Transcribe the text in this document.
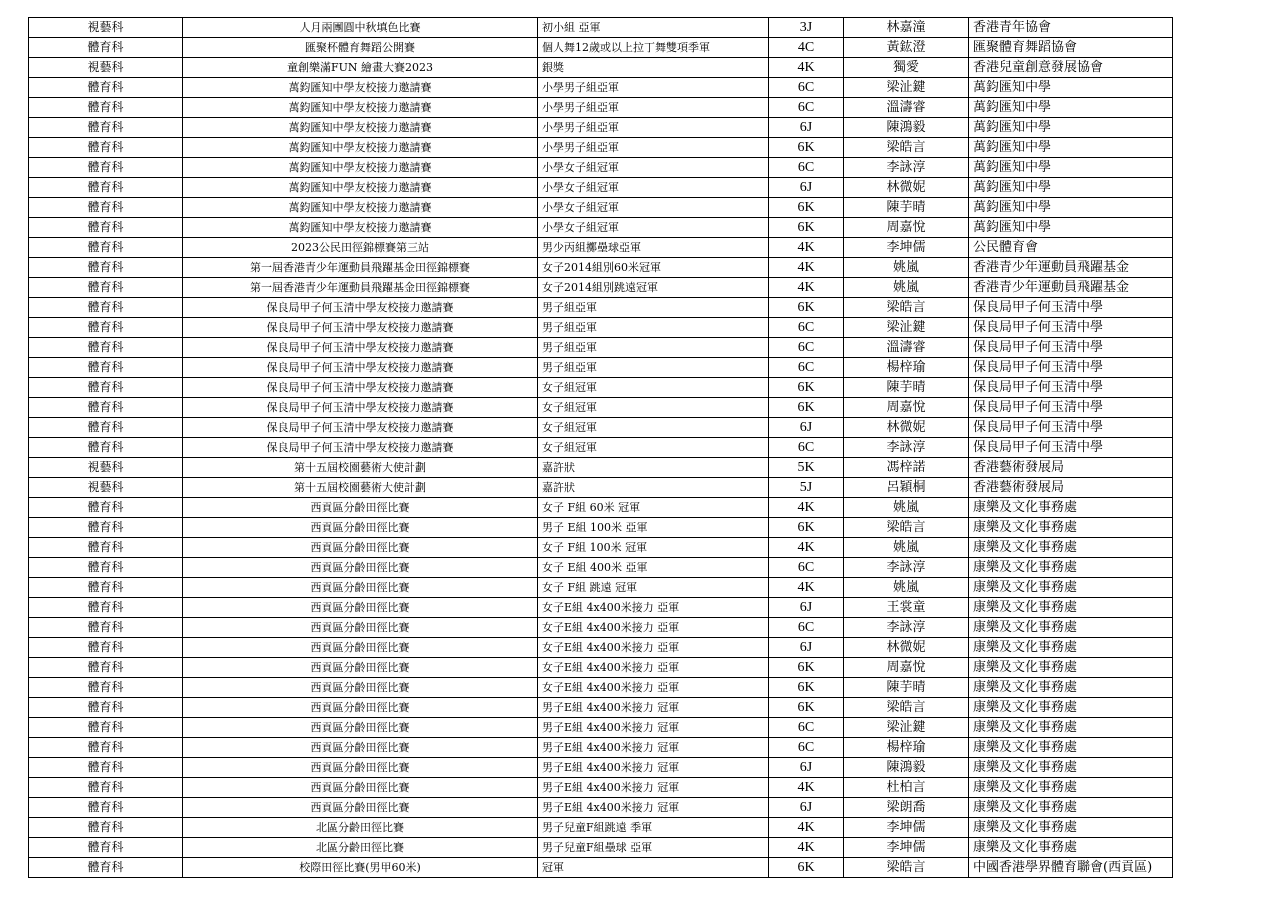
視藝科	人月兩團圓中秋填色比賽	初小組 亞軍	3J	林嘉潼	香港青年協會
體育科	匯聚杯體育舞蹈公開賽	個人舞12歲或以上拉丁舞雙項季軍	4C	黃鈜澄	匯聚體育舞蹈協會
視藝科	童創樂滿FUN 繪畫大賽2023	銀獎	4K	獨愛	香港兒童創意發展協會
體育科	萬鈞匯知中學友校接力邀請賽	小學男子組亞軍	6C	梁沚鍵	萬鈞匯知中學
體育科	萬鈞匯知中學友校接力邀請賽	小學男子組亞軍	6C	溫濤睿	萬鈞匯知中學
體育科	萬鈞匯知中學友校接力邀請賽	小學男子組亞軍	6J	陳鴻毅	萬鈞匯知中學
體育科	萬鈞匯知中學友校接力邀請賽	小學男子組亞軍	6K	梁皓言	萬鈞匯知中學
體育科	萬鈞匯知中學友校接力邀請賽	小學女子組冠軍	6C	李詠淳	萬鈞匯知中學
體育科	萬鈞匯知中學友校接力邀請賽	小學女子組冠軍	6J	林微妮	萬鈞匯知中學
體育科	萬鈞匯知中學友校接力邀請賽	小學女子組冠軍	6K	陳芋晴	萬鈞匯知中學
體育科	萬鈞匯知中學友校接力邀請賽	小學女子組冠軍	6K	周嘉悅	萬鈞匯知中學
體育科	2023公民田徑錦標賽第三站	男少丙組擲壘球亞軍	4K	李坤儒	公民體育會
體育科	第一屆香港青少年運動員飛躍基金田徑錦標賽	女子2014組別60米冠軍	4K	姚嵐	香港青少年運動員飛躍基金
體育科	第一屆香港青少年運動員飛躍基金田徑錦標賽	女子2014組別跳遠冠軍	4K	姚嵐	香港青少年運動員飛躍基金
體育科	保良局甲子何玉清中學友校接力邀請賽	男子組亞軍	6K	梁皓言	保良局甲子何玉清中學
體育科	保良局甲子何玉清中學友校接力邀請賽	男子組亞軍	6C	梁沚鍵	保良局甲子何玉清中學
體育科	保良局甲子何玉清中學友校接力邀請賽	男子組亞軍	6C	溫濤睿	保良局甲子何玉清中學
體育科	保良局甲子何玉清中學友校接力邀請賽	男子組亞軍	6C	楊梓瑜	保良局甲子何玉清中學
體育科	保良局甲子何玉清中學友校接力邀請賽	女子組冠軍	6K	陳芋晴	保良局甲子何玉清中學
體育科	保良局甲子何玉清中學友校接力邀請賽	女子組冠軍	6K	周嘉悅	保良局甲子何玉清中學
體育科	保良局甲子何玉清中學友校接力邀請賽	女子組冠軍	6J	林微妮	保良局甲子何玉清中學
體育科	保良局甲子何玉清中學友校接力邀請賽	女子組冠軍	6C	李詠淳	保良局甲子何玉清中學
視藝科	第十五屆校園藝術大使計劃	嘉許狀	5K	馮梓諾	香港藝術發展局
視藝科	第十五屆校園藝術大使計劃	嘉許狀	5J	呂穎桐	香港藝術發展局
體育科	西貢區分齡田徑比賽	女子 F組 60米 冠軍	4K	姚嵐	康樂及文化事務處
體育科	西貢區分齡田徑比賽	男子 E組 100米 亞軍	6K	梁皓言	康樂及文化事務處
體育科	西貢區分齡田徑比賽	女子 F組 100米 冠軍	4K	姚嵐	康樂及文化事務處
體育科	西貢區分齡田徑比賽	女子 E組 400米 亞軍	6C	李詠淳	康樂及文化事務處
體育科	西貢區分齡田徑比賽	女子 F組 跳遠 冠軍	4K	姚嵐	康樂及文化事務處
體育科	西貢區分齡田徑比賽	女子E組 4x400米接力 亞軍	6J	王裳童	康樂及文化事務處
體育科	西貢區分齡田徑比賽	女子E組 4x400米接力 亞軍	6C	李詠淳	康樂及文化事務處
體育科	西貢區分齡田徑比賽	女子E組 4x400米接力 亞軍	6J	林微妮	康樂及文化事務處
體育科	西貢區分齡田徑比賽	女子E組 4x400米接力 亞軍	6K	周嘉悅	康樂及文化事務處
體育科	西貢區分齡田徑比賽	女子E組 4x400米接力 亞軍	6K	陳芋晴	康樂及文化事務處
體育科	西貢區分齡田徑比賽	男子E組 4x400米接力 冠軍	6K	梁皓言	康樂及文化事務處
體育科	西貢區分齡田徑比賽	男子E組 4x400米接力 冠軍	6C	梁沚鍵	康樂及文化事務處
體育科	西貢區分齡田徑比賽	男子E組 4x400米接力 冠軍	6C	楊梓瑜	康樂及文化事務處
體育科	西貢區分齡田徑比賽	男子E組 4x400米接力 冠軍	6J	陳鴻毅	康樂及文化事務處
體育科	西貢區分齡田徑比賽	男子E組 4x400米接力 冠軍	4K	杜柏言	康樂及文化事務處
體育科	西貢區分齡田徑比賽	男子E組 4x400米接力 冠軍	6J	梁朗喬	康樂及文化事務處
體育科	北區分齡田徑比賽	男子兒童F組跳遠 季軍	4K	李坤儒	康樂及文化事務處
體育科	北區分齡田徑比賽	男子兒童F組壘球 亞軍	4K	李坤儒	康樂及文化事務處
體育科	校際田徑比賽(男甲60米)	冠軍	6K	梁皓言	中國香港學界體育聯會(西貢區)
